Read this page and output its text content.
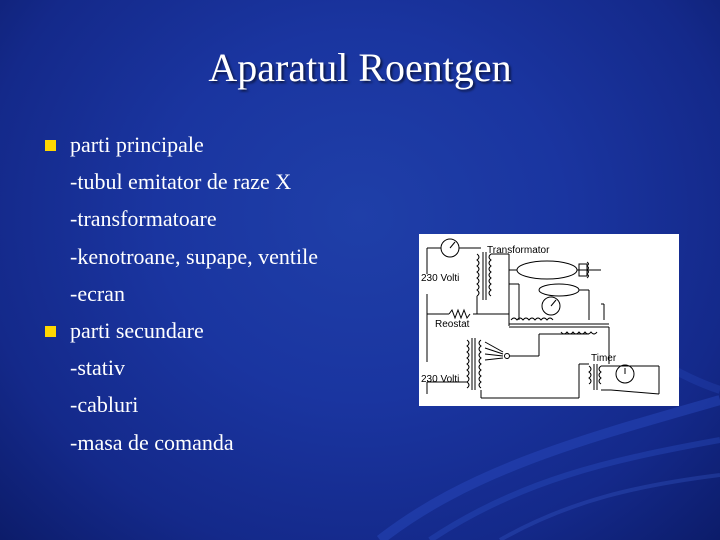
Aparatul Roentgen
parti principale
-tubul emitator de raze X
-transformatoare
-kenotroane, supape, ventile
-ecran
parti secundare
-stativ
-cabluri
-masa de comanda
Transformator
230 Volti
Reostat
Timer
230 Volti
